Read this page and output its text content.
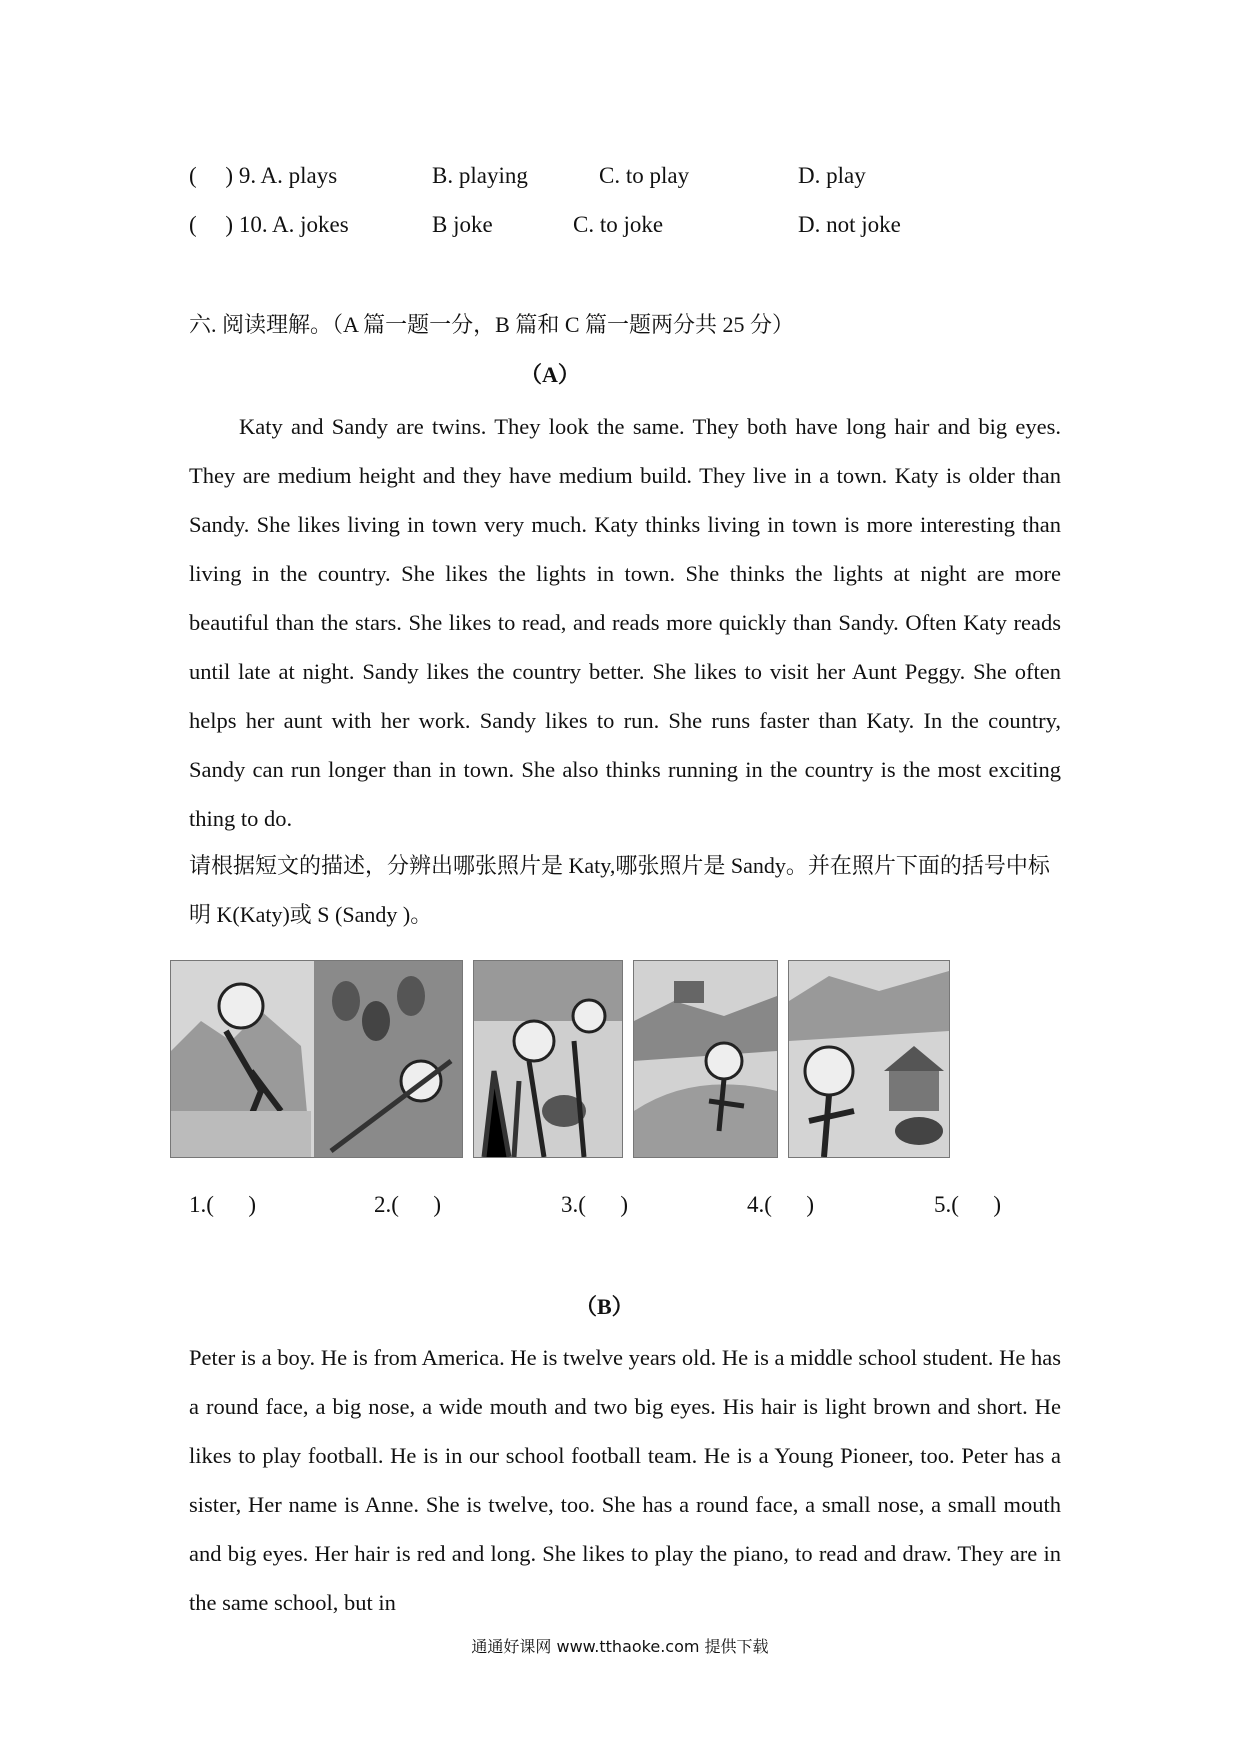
(     ) 9. A. plays	B. playing	C. to play	D. play
(     ) 10. A. jokes	B joke	C. to joke	D. not joke
六. 阅读理解。（A 篇一题一分，B 篇和 C 篇一题两分共 25 分）
（A）

Katy and Sandy are twins. They look the same. They both have long hair and big eyes. They are medium height and they have medium build. They live in a town. Katy is older than Sandy. She likes living in town very much. Katy thinks living in town is more interesting than living in the country. She likes the lights in town. She thinks the lights at night are more beautiful than the stars. She likes to read, and reads more quickly than Sandy. Often Katy reads until late at night. Sandy likes the country better. She likes to visit her Aunt Peggy. She often helps her aunt with her work. Sandy likes to run. She runs faster than Katy. In the country, Sandy can run longer than in town. She also thinks running in the country is the most exciting thing to do.

请根据短文的描述，分辨出哪张照片是 Katy,哪张照片是 Sandy。并在照片下面的括号中标明 K(Katy)或 S (Sandy )。
1.(      )	2.(      )	3.(      )	4.(      )	5.(      )
（B）

Peter is a boy. He is from America. He is twelve years old. He is a middle school student. He has a round face, a big nose, a wide mouth and two big eyes. His hair is light brown and short. He likes to play football. He is in our school football team. He is a Young Pioneer, too. Peter has a sister, Her name is Anne. She is twelve, too. She has a round face, a small nose, a small mouth and big eyes. Her hair is red and long. She likes to play the piano, to read and draw. They are in the same school, but in

通通好课网 www.tthaoke.com 提供下载
